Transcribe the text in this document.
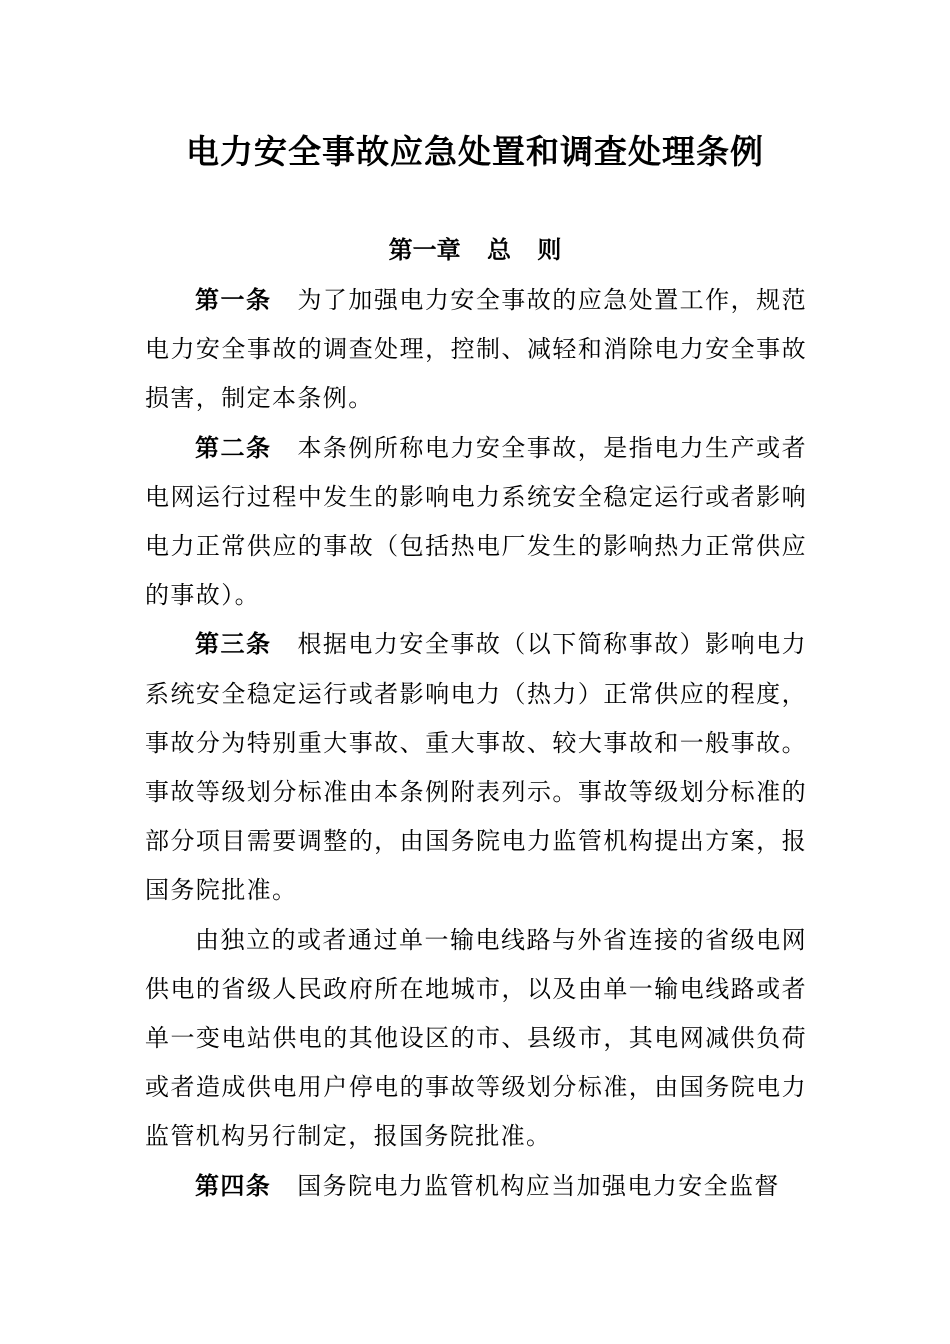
电力安全事故应急处置和调查处理条例
第一章 总 则

第一条 为了加强电力安全事故的应急处置工作，规范电力安全事故的调查处理，控制、减轻和消除电力安全事故损害，制定本条例。

第二条 本条例所称电力安全事故，是指电力生产或者电网运行过程中发生的影响电力系统安全稳定运行或者影响电力正常供应的事故（包括热电厂发生的影响热力正常供应的事故）。

第三条 根据电力安全事故（以下简称事故）影响电力系统安全稳定运行或者影响电力（热力）正常供应的程度，事故分为特别重大事故、重大事故、较大事故和一般事故。事故等级划分标准由本条例附表列示。事故等级划分标准的部分项目需要调整的，由国务院电力监管机构提出方案，报国务院批准。

由独立的或者通过单一输电线路与外省连接的省级电网供电的省级人民政府所在地城市，以及由单一输电线路或者单一变电站供电的其他设区的市、县级市，其电网减供负荷或者造成供电用户停电的事故等级划分标准，由国务院电力监管机构另行制定，报国务院批准。

第四条 国务院电力监管机构应当加强电力安全监督
